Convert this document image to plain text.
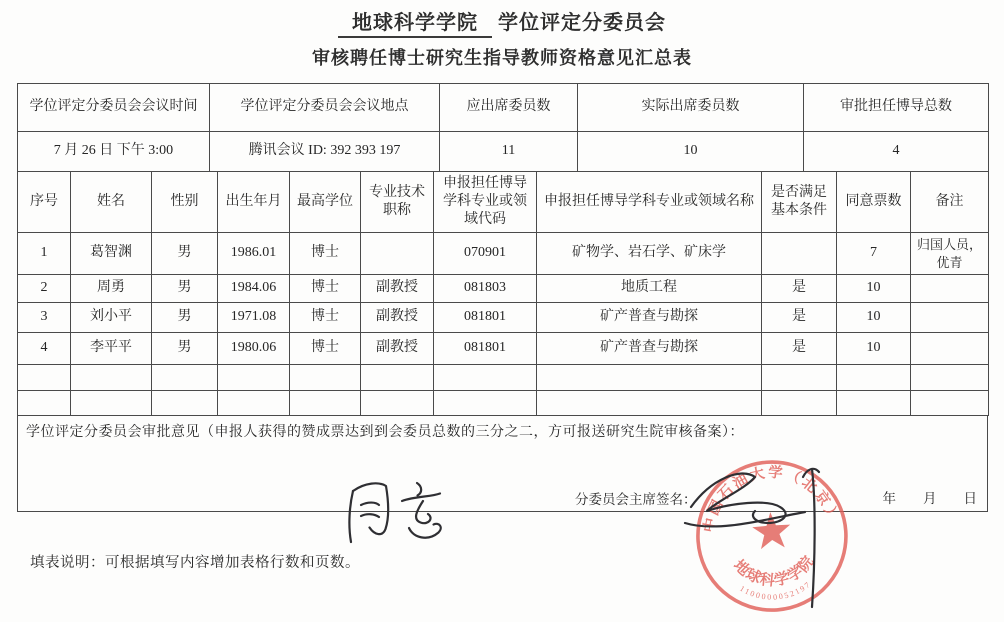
地球科学学院 学位评定分委员会
审核聘任博士研究生指导教师资格意见汇总表
学位评定分委员会会议时间	学位评定分委员会会议地点	应出席委员数	实际出席委员数	审批担任博导总数
7 月 26 日 下午 3:00	腾讯会议 ID: 392 393 197	11	10	4
序号	姓名	性别	出生年月	最高学位	专业技术职称	申报担任博导学科专业或领域代码	申报担任博导学科专业或领域名称	是否满足基本条件	同意票数	备注
1	葛智渊	男	1986.01	博士		070901	矿物学、岩石学、矿床学		7	归国人员，优青
2	周勇	男	1984.06	博士	副教授	081803	地质工程	是	10	
3	刘小平	男	1971.08	博士	副教授	081801	矿产普查与勘探	是	10	
4	李平平	男	1980.06	博士	副教授	081801	矿产普查与勘探	是	10	

学位评定分委员会审批意见（申报人获得的赞成票达到到会委员总数的三分之二，方可报送研究生院审核备案）：
分委员会主席签名：	年　　月　　日
中国石油大学（北京）
地球科学学院
1100000052197
填表说明：可根据填写内容增加表格行数和页数。
